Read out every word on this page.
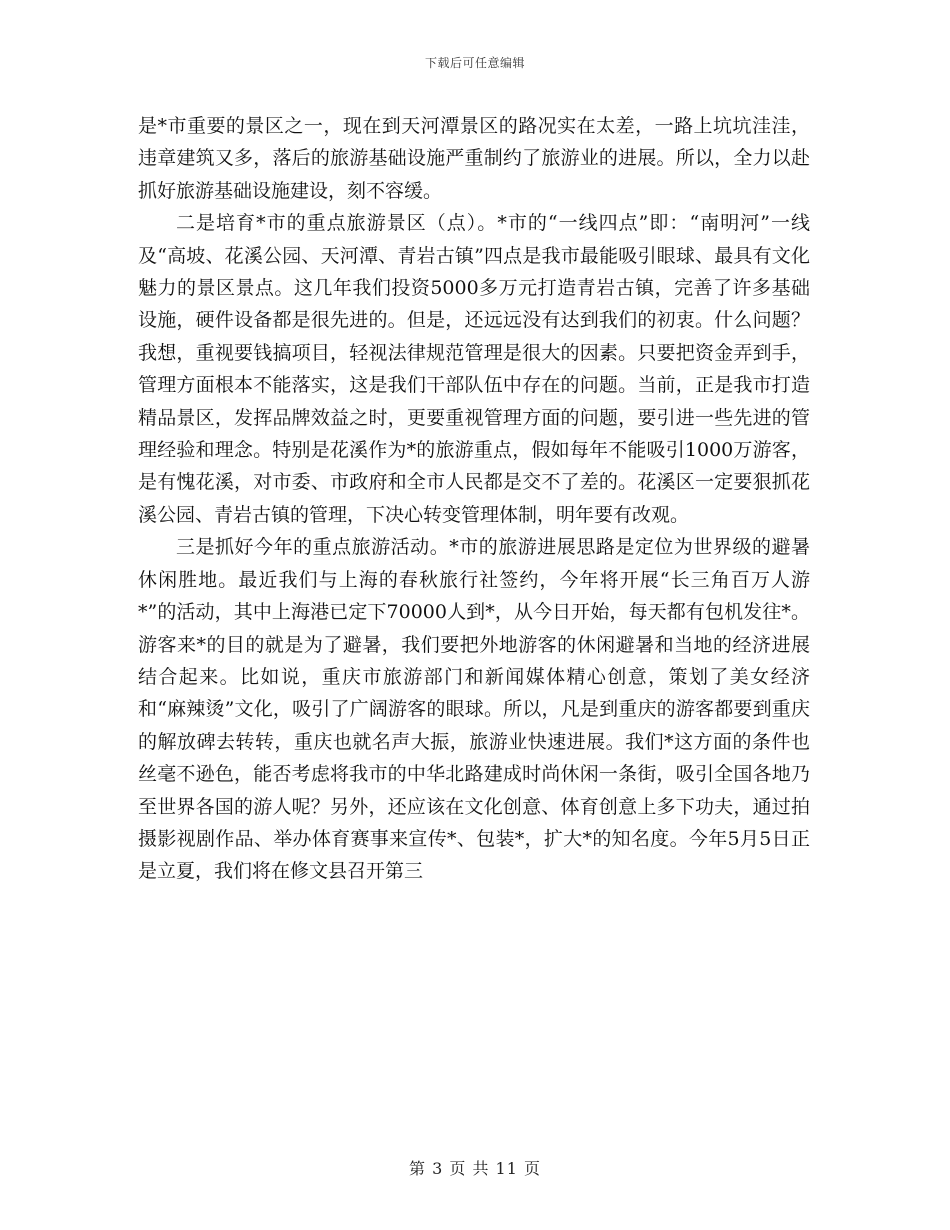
下载后可任意编辑

是*市重要的景区之一，现在到天河潭景区的路况实在太差，一路上坑坑洼洼，违章建筑又多，落后的旅游基础设施严重制约了旅游业的进展。所以，全力以赴抓好旅游基础设施建设，刻不容缓。

二是培育*市的重点旅游景区（点）。*市的“一线四点”即：“南明河”一线及“高坡、花溪公园、天河潭、青岩古镇”四点是我市最能吸引眼球、最具有文化魅力的景区景点。这几年我们投资5000多万元打造青岩古镇，完善了许多基础设施，硬件设备都是很先进的。但是，还远远没有达到我们的初衷。什么问题？我想，重视要钱搞项目，轻视法律规范管理是很大的因素。只要把资金弄到手，管理方面根本不能落实，这是我们干部队伍中存在的问题。当前，正是我市打造精品景区，发挥品牌效益之时，更要重视管理方面的问题，要引进一些先进的管理经验和理念。特别是花溪作为*的旅游重点，假如每年不能吸引1000万游客，是有愧花溪，对市委、市政府和全市人民都是交不了差的。花溪区一定要狠抓花溪公园、青岩古镇的管理，下决心转变管理体制，明年要有改观。

三是抓好今年的重点旅游活动。*市的旅游进展思路是定位为世界级的避暑休闲胜地。最近我们与上海的春秋旅行社签约，今年将开展“长三角百万人游*”的活动，其中上海港已定下70000人到*，从今日开始，每天都有包机发往*。游客来*的目的就是为了避暑，我们要把外地游客的休闲避暑和当地的经济进展结合起来。比如说，重庆市旅游部门和新闻媒体精心创意，策划了美女经济和“麻辣烫”文化，吸引了广阔游客的眼球。所以，凡是到重庆的游客都要到重庆的解放碑去转转，重庆也就名声大振，旅游业快速进展。我们*这方面的条件也丝毫不逊色，能否考虑将我市的中华北路建成时尚休闲一条街，吸引全国各地乃至世界各国的游人呢？另外，还应该在文化创意、体育创意上多下功夫，通过拍摄影视剧作品、举办体育赛事来宣传*、包装*，扩大*的知名度。今年5月5日正是立夏，我们将在修文县召开第三

第 3 页 共 11 页
